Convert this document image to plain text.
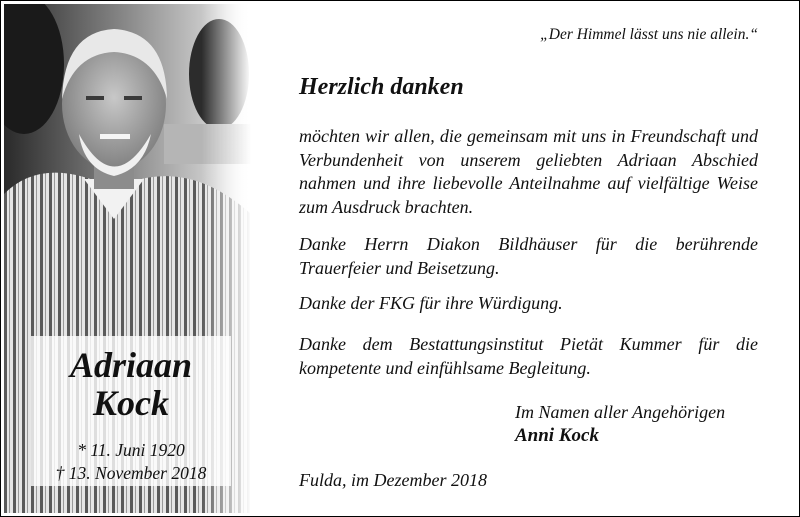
Adriaan
Kock
* 11. Juni 1920
† 13. November 2018
„Der Himmel lässt uns nie allein.“
Herzlich danken

möchten wir allen, die gemeinsam mit uns in Freundschaft und Verbundenheit von unserem geliebten Adriaan Abschied nahmen und ihre liebevolle Anteilnahme auf vielfältige Weise zum Ausdruck brachten.

Danke Herrn Diakon Bildhäuser für die berührende Trauerfeier und Beisetzung.

Danke der FKG für ihre Würdigung.

Danke dem Bestattungsinstitut Pietät Kummer für die kompetente und einfühlsame Begleitung.

Im Namen aller Angehörigen
Anni Kock
Fulda, im Dezember 2018
